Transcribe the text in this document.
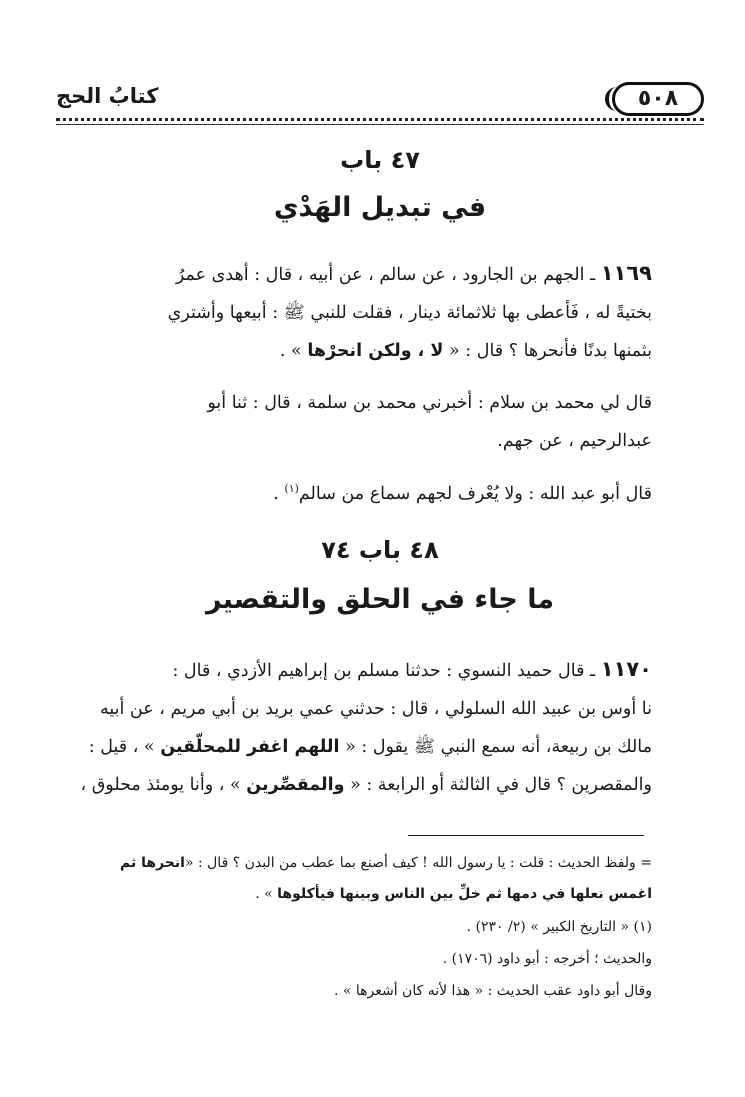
كتابُ الحج	٥٠٨
٤٧ باب
في تبديل الهَدْي
١١٦٩ ـ الجهم بن الجارود ، عن سالم ، عن أبيه ، قال : أهدى عمرُ
بختيةً له ، فَأعطى بها ثلاثمائة دينار ، فقلت للنبي ﷺ : أبيعها وأشتري
بثمنها بدنًا فأنحرها ؟ قال : « لا ، ولكن انحرْها » .
قال لي محمد بن سلام : أخبرني محمد بن سلمة ، قال : ثنا أبو
عبدالرحيم ، عن جهم.
قال أبو عبد الله : ولا يُعْرف لجهم سماع من سالم$^{(١)}$ .
٤٨ باب ٧٤
ما جاء في الحلق والتقصير
١١٧٠ ـ قال حميد النسوي : حدثنا مسلم بن إبراهيم الأزدي ، قال :
نا أوس بن عبيد الله السلولي ، قال : حدثني عمي بريد بن أبي مريم ، عن أبيه
مالك بن ربيعة، أنه سمع النبي ﷺ يقول : « اللهم اغفر للمحلّقين » ، قيل :
والمقصرين ؟ قال في الثالثة أو الرابعة : « والمقصِّرين » ، وأنا يومئذ محلوق ،
= ولفظ الحديث : قلت : يا رسول الله ! كيف أصنع بما عطب من البدن ؟ قال : «انحرها ثم
اغمس نعلها في دمها ثم خلِّ بين الناس وبينها فيأكلوها » .
(١) « التاريخ الكبير » (٢/ ٢٣٠) .
والحديث ؛ أخرجه : أبو داود (١٧٠٦) .
وقال أبو داود عقب الحديث : « هذا لأنه كان أشعرها » .
